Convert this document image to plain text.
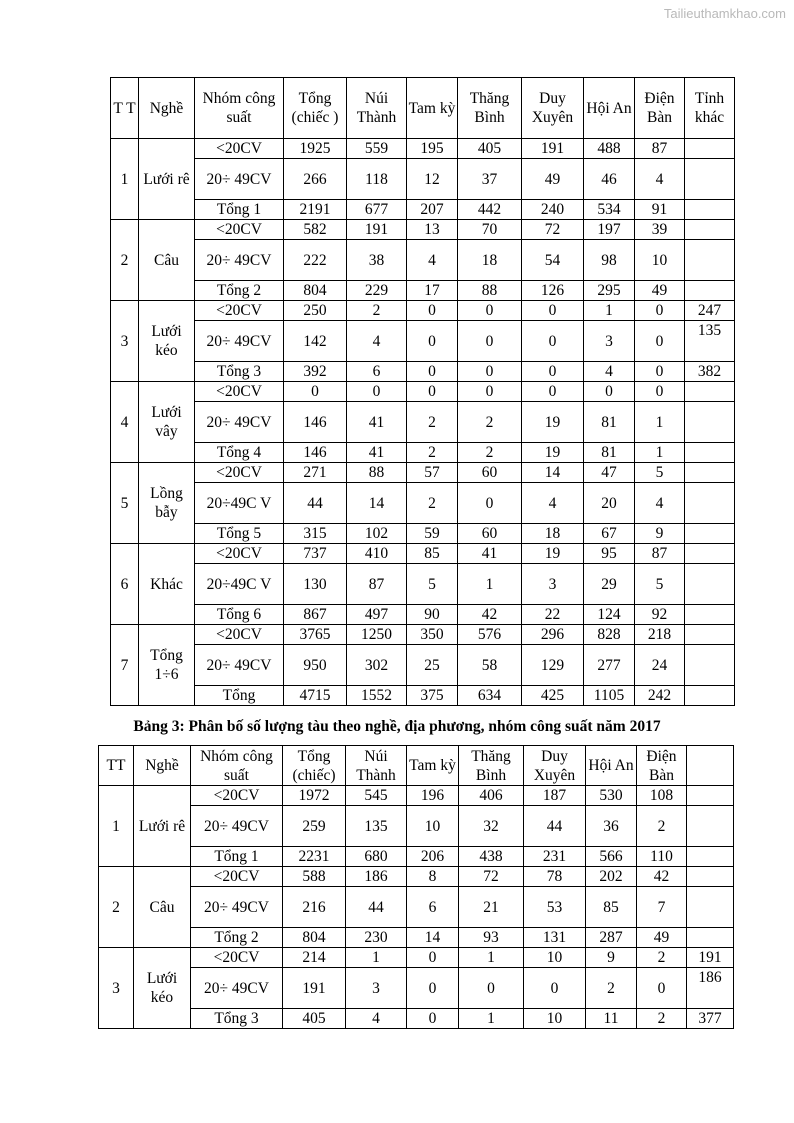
Tailieuthamkhao.com
T T	Nghề	Nhóm công suất	Tổng (chiếc )	Núi Thành	Tam kỳ	Thăng Bình	Duy Xuyên	Hội An	Điện Bàn	Tỉnh khác
1	Lưới rê	<20CV	1925	559	195	405	191	488	87	
		20÷ 49CV	266	118	12	37	49	46	4	
		Tổng 1	2191	677	207	442	240	534	91	
2	Câu	<20CV	582	191	13	70	72	197	39	
		20÷ 49CV	222	38	4	18	54	98	10	
		Tổng 2	804	229	17	88	126	295	49	
3	Lưới kéo	<20CV	250	2	0	0	0	1	0	247
		20÷ 49CV	142	4	0	0	0	3	0	135
		Tổng 3	392	6	0	0	0	4	0	382
4	Lưới vây	<20CV	0	0	0	0	0	0	0	
		20÷ 49CV	146	41	2	2	19	81	1	
		Tổng 4	146	41	2	2	19	81	1	
5	Lồng bẫy	<20CV	271	88	57	60	14	47	5	
		20÷49C V	44	14	2	0	4	20	4	
		Tổng 5	315	102	59	60	18	67	9	
6	Khác	<20CV	737	410	85	41	19	95	87	
		20÷49C V	130	87	5	1	3	29	5	
		Tổng 6	867	497	90	42	22	124	92	
7	Tổng 1÷6	<20CV	3765	1250	350	576	296	828	218	
		20÷ 49CV	950	302	25	58	129	277	24	
		Tổng	4715	1552	375	634	425	1105	242	
Bảng 3: Phân bố số lượng tàu theo nghề, địa phương, nhóm công suất năm 2017
TT	Nghề	Nhóm công suất	Tổng (chiếc)	Núi Thành	Tam kỳ	Thăng Bình	Duy Xuyên	Hội An	Điện Bàn	
1	Lưới rê	<20CV	1972	545	196	406	187	530	108	
		20÷ 49CV	259	135	10	32	44	36	2	
		Tổng 1	2231	680	206	438	231	566	110	
2	Câu	<20CV	588	186	8	72	78	202	42	
		20÷ 49CV	216	44	6	21	53	85	7	
		Tổng 2	804	230	14	93	131	287	49	
3	Lưới kéo	<20CV	214	1	0	1	10	9	2	191
		20÷ 49CV	191	3	0	0	0	2	0	186
		Tổng 3	405	4	0	1	10	11	2	377
